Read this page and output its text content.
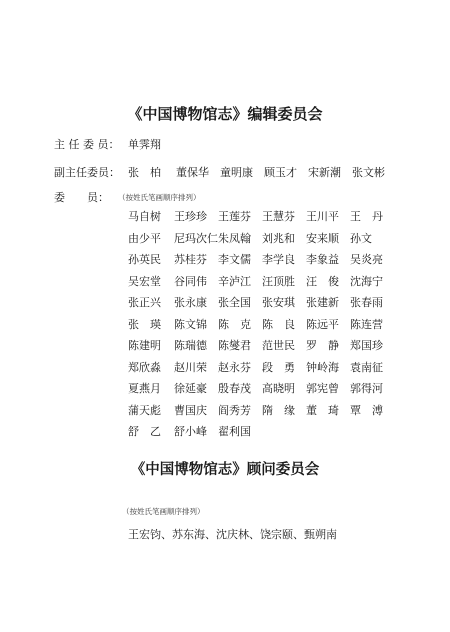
《中国博物馆志》编辑委员会
主 任 委 员： 单霁翔
副主任委员： 张　柏 董保华 童明康 顾玉才 宋新潮 张文彬
委　　员： （按姓氏笔画顺序排列）
马自树 王珍珍 王莲芬 王慧芬 王川平 王　丹
由少平 尼玛次仁 朱凤翰 刘兆和 安来顺 孙文
孙英民 苏桂芬 李文儒 李学良 李象益 吴炎亮
吴宏堂 谷同伟 辛泸江 汪顶胜 汪　俊 沈海宁
张正兴 张永康 张全国 张安琪 张建新 张春雨
张　瑛 陈文锦 陈　克 陈　良 陈远平 陈连营
陈建明 陈瑞德 陈燮君 范世民 罗　静 郑国珍
郑欣淼 赵川荣 赵永芬 段　勇 钟岭海 袁南征
夏燕月 徐延豪 殷春茂 高晓明 郭宪曾 郭得河
蒲天彪 曹国庆 阎秀芳 隋　缘 董　琦 覃　溥
舒　乙 舒小峰 翟利国
《中国博物馆志》顾问委员会
（按姓氏笔画顺序排列）
王宏钧、苏东海、沈庆林、饶宗颐、甄朔南
